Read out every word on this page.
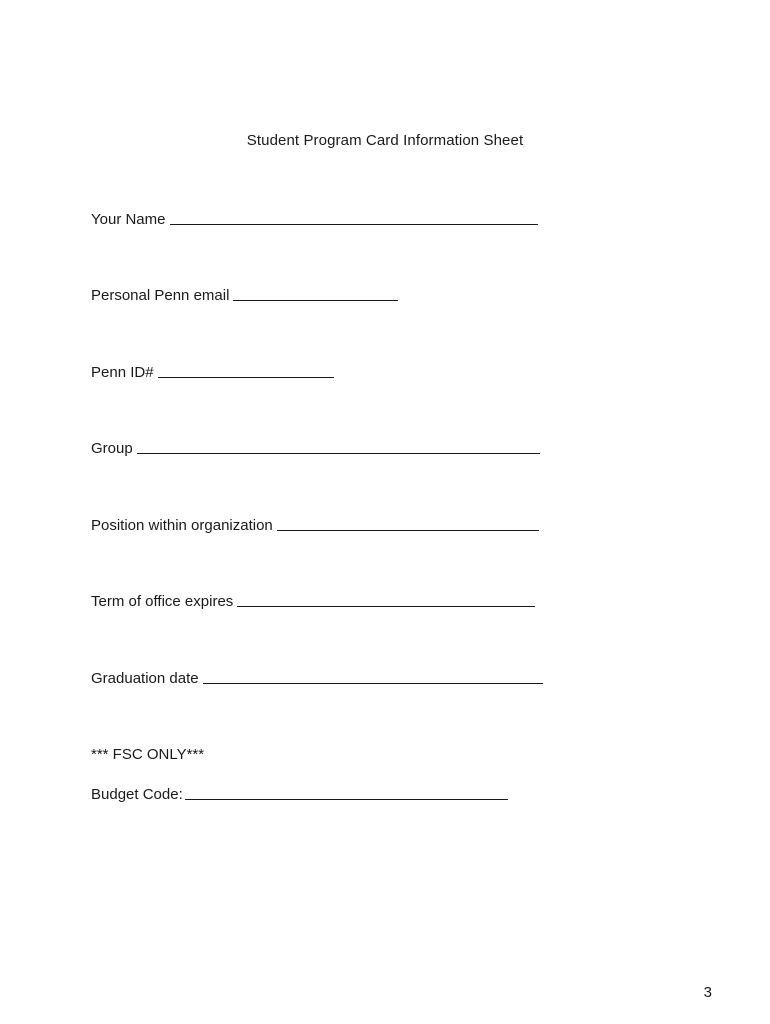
Student Program Card Information Sheet
Your Name
Personal Penn email
Penn ID#
Group
Position within organization
Term of office expires
Graduation date
*** FSC ONLY***
Budget Code:
3
